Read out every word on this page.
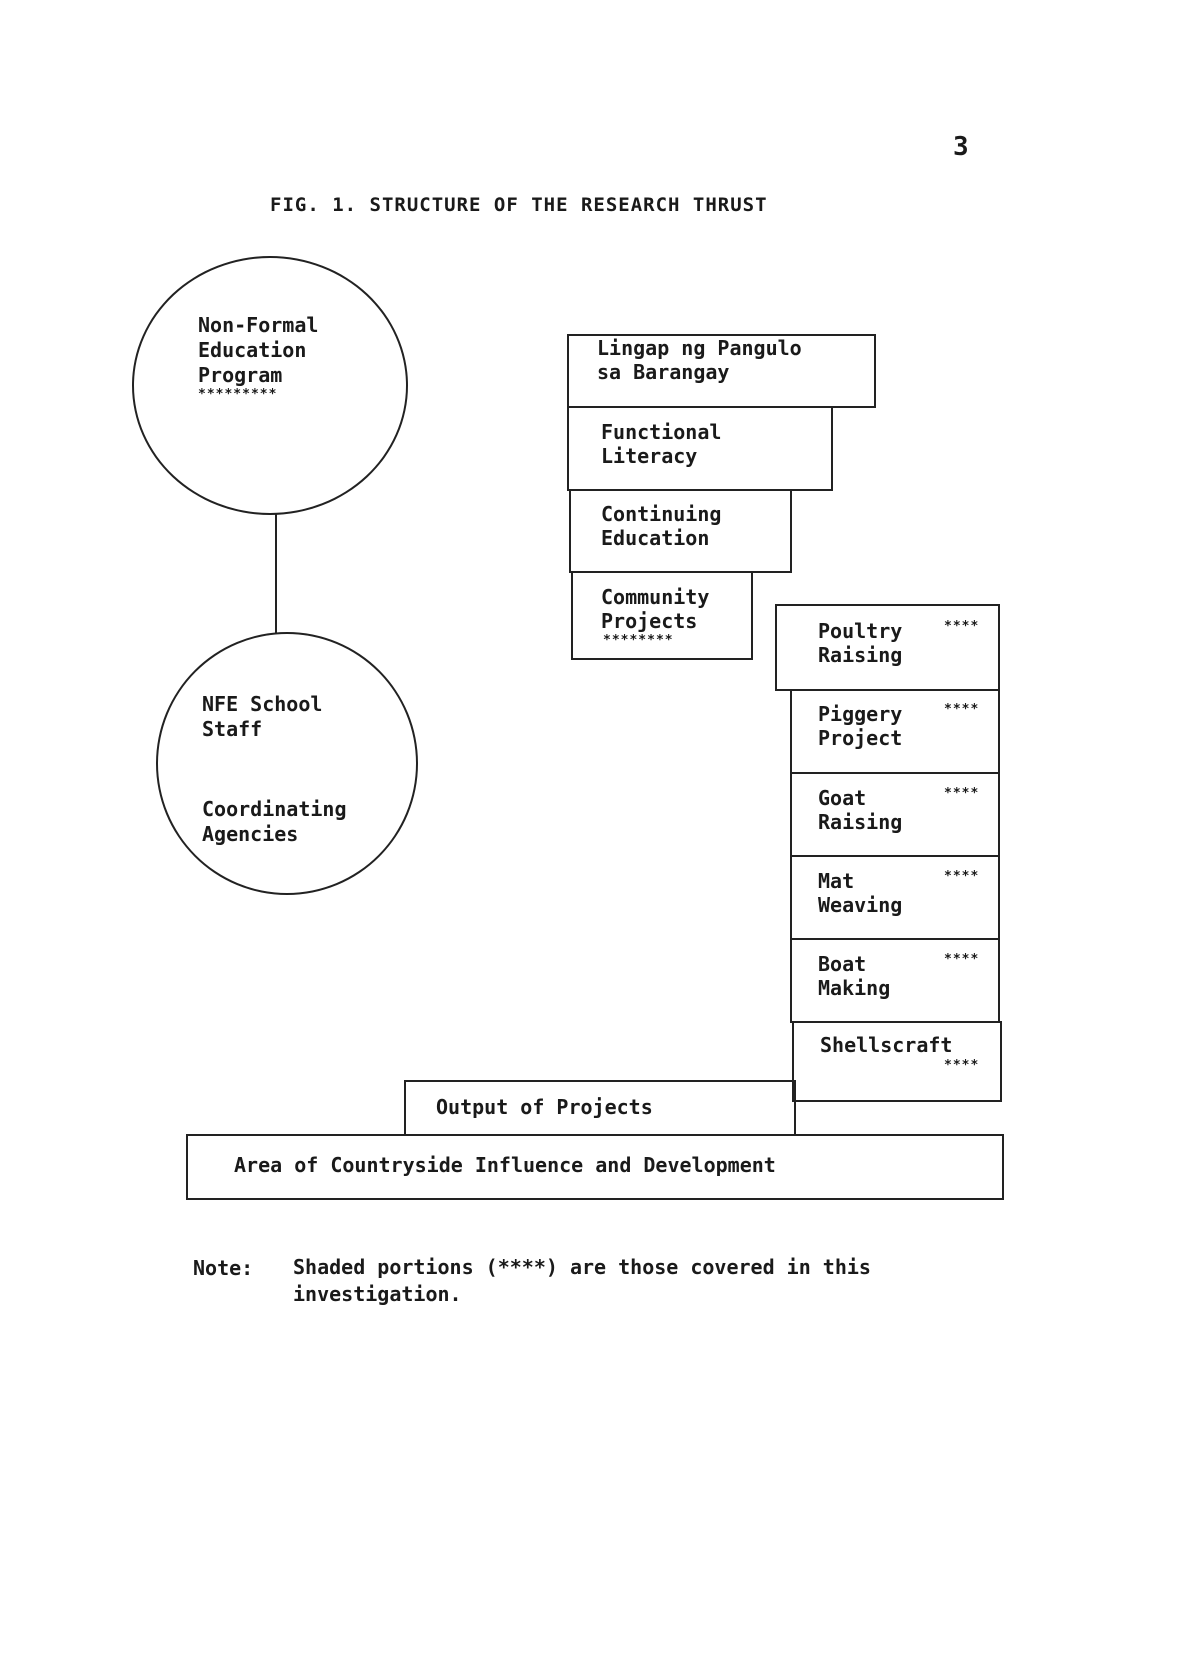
3
FIG. 1. STRUCTURE OF THE RESEARCH THRUST
Non-Formal
Education
Program
*********
NFE School
Staff
Coordinating
Agencies
Lingap ng Pangulo
sa Barangay
Functional
Literacy
Continuing
Education
Community
Projects
********	Poultry
Raising
****
Piggery
Project
****
Goat
Raising
****
Mat
Weaving
****
Boat
Making
****
Shellscraft
****
Output of Projects
Area of Countryside Influence and Development
Note: Shaded portions (****) are those covered in this investigation.
